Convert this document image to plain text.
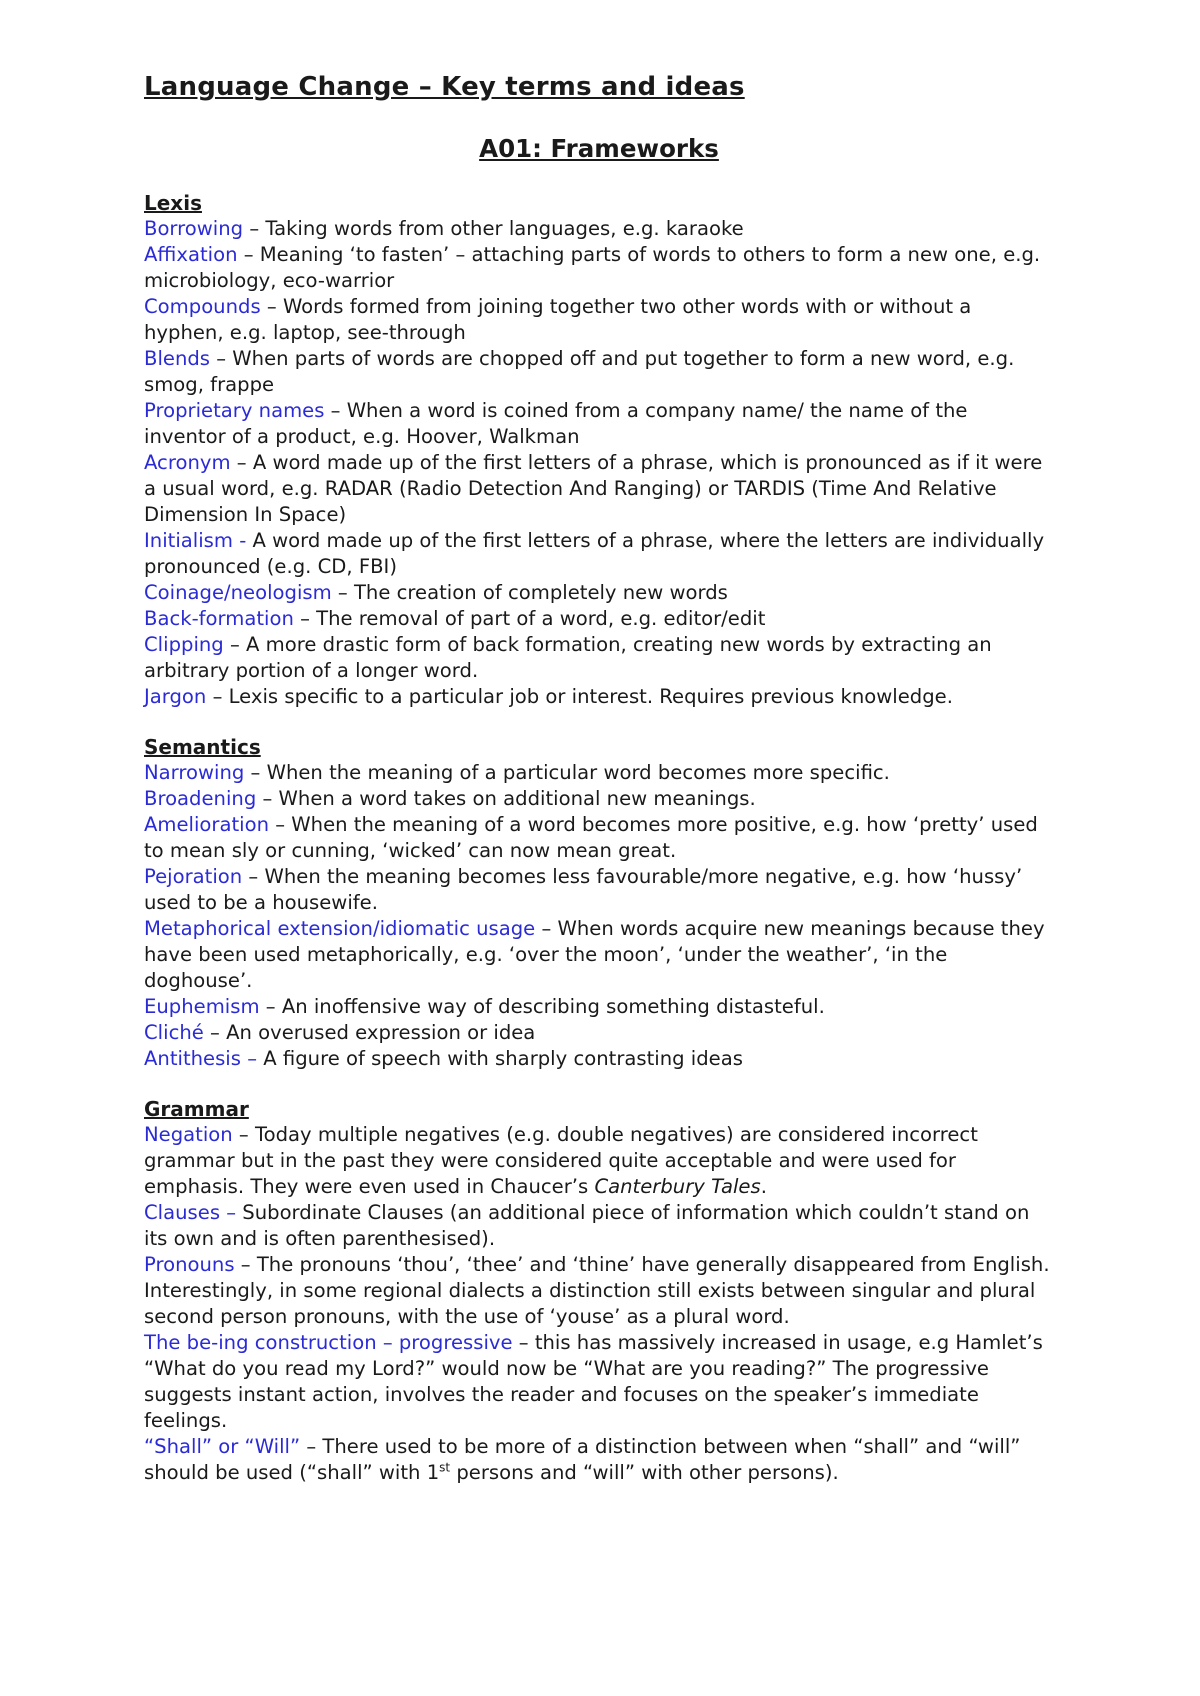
Language Change – Key terms and ideas
A01: Frameworks
Lexis

Borrowing – Taking words from other languages, e.g. karaoke

Affixation – Meaning ‘to fasten’ – attaching parts of words to others to form a new one, e.g. microbiology, eco-warrior

Compounds – Words formed from joining together two other words with or without a hyphen, e.g. laptop, see-through

Blends – When parts of words are chopped off and put together to form a new word, e.g. smog, frappe

Proprietary names – When a word is coined from a company name/ the name of the inventor of a product, e.g. Hoover, Walkman

Acronym – A word made up of the first letters of a phrase, which is pronounced as if it were a usual word, e.g. RADAR (Radio Detection And Ranging) or TARDIS (Time And Relative Dimension In Space)

Initialism - A word made up of the first letters of a phrase, where the letters are individually pronounced (e.g. CD, FBI)

Coinage/neologism – The creation of completely new words

Back-formation – The removal of part of a word, e.g. editor/edit

Clipping – A more drastic form of back formation, creating new words by extracting an arbitrary portion of a longer word.

Jargon – Lexis specific to a particular job or interest. Requires previous knowledge.

Semantics

Narrowing – When the meaning of a particular word becomes more specific.

Broadening – When a word takes on additional new meanings.

Amelioration – When the meaning of a word becomes more positive, e.g. how ‘pretty’ used to mean sly or cunning, ‘wicked’ can now mean great.

Pejoration – When the meaning becomes less favourable/more negative, e.g. how ‘hussy’ used to be a housewife.

Metaphorical extension/idiomatic usage – When words acquire new meanings because they have been used metaphorically, e.g. ‘over the moon’, ‘under the weather’, ‘in the doghouse’.

Euphemism – An inoffensive way of describing something distasteful.

Cliché – An overused expression or idea

Antithesis – A figure of speech with sharply contrasting ideas

Grammar

Negation – Today multiple negatives (e.g. double negatives) are considered incorrect grammar but in the past they were considered quite acceptable and were used for emphasis. They were even used in Chaucer’s Canterbury Tales.

Clauses – Subordinate Clauses (an additional piece of information which couldn’t stand on its own and is often parenthesised).

Pronouns – The pronouns ‘thou’, ‘thee’ and ‘thine’ have generally disappeared from English. Interestingly, in some regional dialects a distinction still exists between singular and plural second person pronouns, with the use of ‘youse’ as a plural word.

The be-ing construction – progressive – this has massively increased in usage, e.g Hamlet’s “What do you read my Lord?” would now be “What are you reading?” The progressive suggests instant action, involves the reader and focuses on the speaker’s immediate feelings.

“Shall” or “Will” – There used to be more of a distinction between when “shall” and “will” should be used (“shall” with 1st persons and “will” with other persons).
